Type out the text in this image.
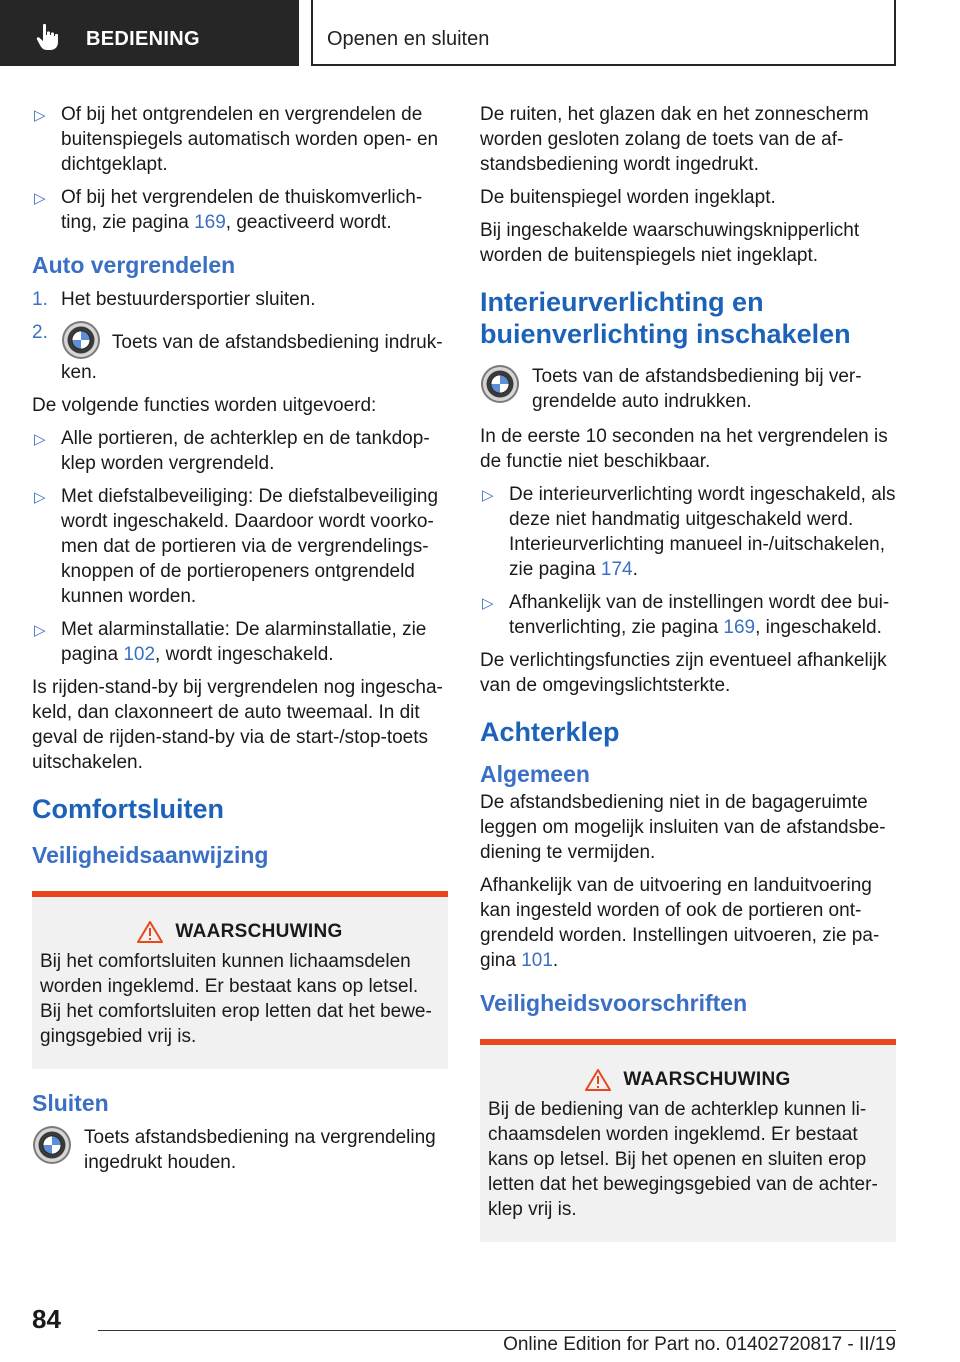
BEDIENING	Openen en sluiten
▷ Of bij het ontgrendelen en vergrendelen de buitenspiegels automatisch worden open- en dichtgeklapt.
▷ Of bij het vergrendelen de thuiskomverlichting, zie pagina 169, geactiveerd wordt.
Auto vergrendelen
1. Het bestuurdersportier sluiten.
2.	Toets van de afstandsbediening indrukken.

De volgende functies worden uitgevoerd:

▷ Alle portieren, de achterklep en de tankdopklep worden vergrendeld.
▷ Met diefstalbeveiliging: De diefstalbeveiliging wordt ingeschakeld. Daardoor wordt voorkomen dat de portieren via de vergrendelingsknoppen of de portieropeners ontgrendeld kunnen worden.
▷ Met alarminstallatie: De alarminstallatie, zie pagina 102, wordt ingeschakeld.

Is rijden-stand-by bij vergrendelen nog ingeschakeld, dan claxonneert de auto tweemaal. In dit geval de rijden-stand-by via de start-/stop-toets uitschakelen.

Comfortsluiten
Veiligheidsaanwijzing
WAARSCHUWING

Bij het comfortsluiten kunnen lichaamsdelen worden ingeklemd. Er bestaat kans op letsel. Bij het comfortsluiten erop letten dat het bewegingsgebied vrij is.

Sluiten
Toets afstandsbediening na vergrendeling ingedrukt houden.

De ruiten, het glazen dak en het zonnescherm worden gesloten zolang de toets van de afstandsbediening wordt ingedrukt.

De buitenspiegel worden ingeklapt.

Bij ingeschakelde waarschuwingsknipperlicht worden de buitenspiegels niet ingeklapt.

Interieurverlichting en buienverlichting inschakelen
Toets van de afstandsbediening bij vergrendelde auto indrukken.

In de eerste 10 seconden na het vergrendelen is de functie niet beschikbaar.

▷ De interieurverlichting wordt ingeschakeld, als deze niet handmatig uitgeschakeld werd. Interieurverlichting manueel in-/uitschakelen, zie pagina 174.
▷ Afhankelijk van de instellingen wordt dee buitenverlichting, zie pagina 169, ingeschakeld.

De verlichtingsfuncties zijn eventueel afhankelijk van de omgevingslichtsterkte.

Achterklep
Algemeen

De afstandsbediening niet in de bagageruimte leggen om mogelijk insluiten van de afstandsbediening te vermijden.

Afhankelijk van de uitvoering en landuitvoering kan ingesteld worden of ook de portieren ontgrendeld worden. Instellingen uitvoeren, zie pagina 101.

Veiligheidsvoorschriften
WAARSCHUWING

Bij de bediening van de achterklep kunnen lichaamsdelen worden ingeklemd. Er bestaat kans op letsel. Bij het openen en sluiten erop letten dat het bewegingsgebied van de achterklep vrij is.

84
Online Edition for Part no. 01402720817 - II/19
